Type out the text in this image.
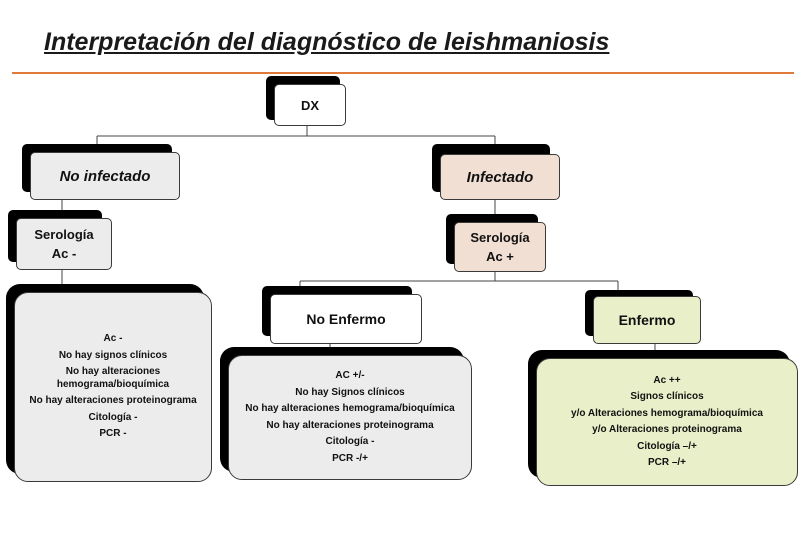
Interpretación del diagnóstico de leishmaniosis
DX
No infectado	Infectado
Serología
Ac -
Serología
Ac +
No Enfermo	Enfermo
Ac -
No hay signos clínicos
No hay alteraciones hemograma/bioquímica
No hay alteraciones proteinograma
Citología -
PCR -
AC +/-
No hay Signos clínicos
No hay alteraciones hemograma/bioquímica
No hay alteraciones proteinograma
Citología -
PCR -/+
Ac ++
Signos clínicos
y/o Alteraciones hemograma/bioquímica
y/o Alteraciones proteinograma
Citología –/+
PCR –/+
